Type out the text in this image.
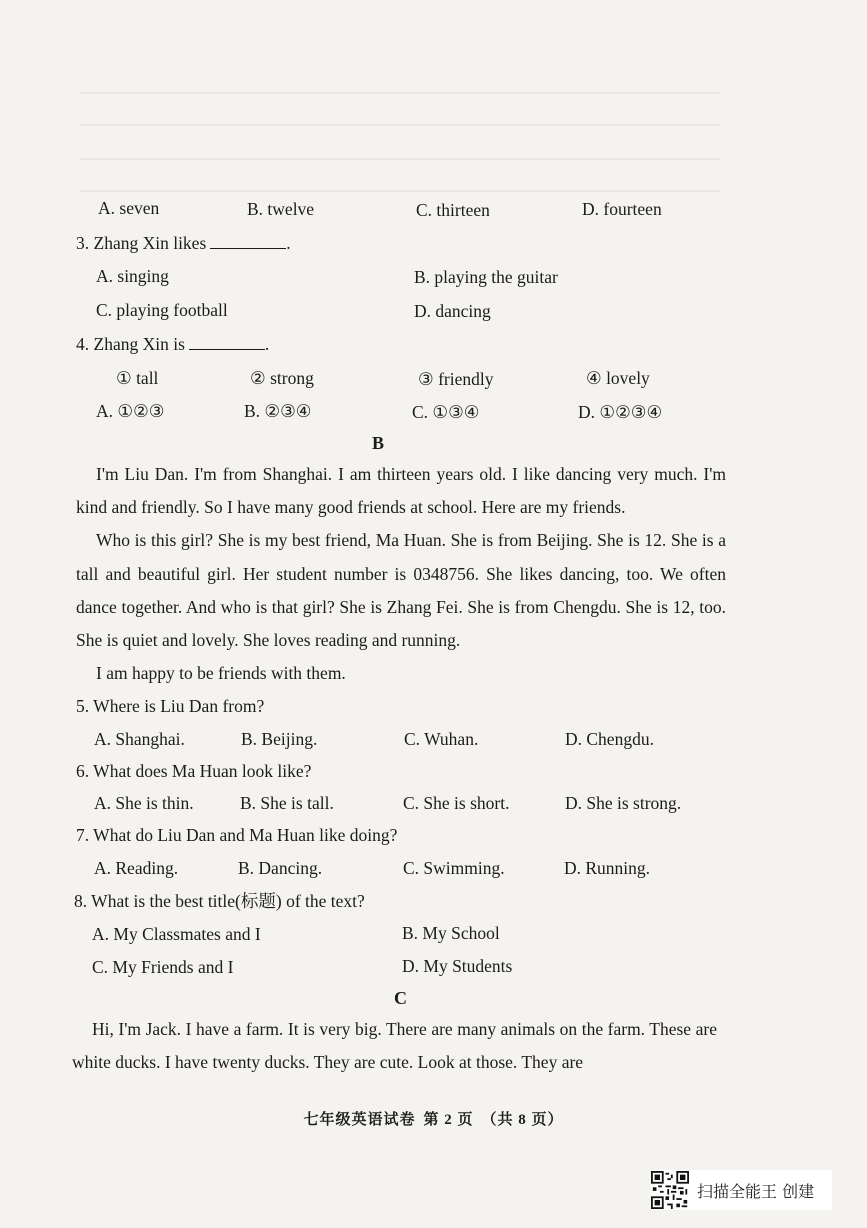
A. seven	B. twelve	C. thirteen	D. fourteen
3. Zhang Xin likes	.
A. singing	B. playing the guitar
C. playing football	D. dancing
4. Zhang Xin is	.
① tall	② strong	③ friendly	④ lovely
A. ①②③	B. ②③④	C. ①③④	D. ①②③④
B

I'm Liu Dan. I'm from Shanghai. I am thirteen years old. I like dancing very much. I'm kind and friendly. So I have many good friends at school. Here are my friends.

Who is this girl? She is my best friend, Ma Huan. She is from Beijing. She is 12. She is a tall and beautiful girl. Her student number is 0348756. She likes dancing, too. We often dance together. And who is that girl? She is Zhang Fei. She is from Chengdu. She is 12, too. She is quiet and lovely. She loves reading and running.

I am happy to be friends with them.

5. Where is Liu Dan from?
A. Shanghai.	B. Beijing.	C. Wuhan.	D. Chengdu.
6. What does Ma Huan look like?
A. She is thin.	B. She is tall.	C. She is short.	D. She is strong.
7. What do Liu Dan and Ma Huan like doing?
A. Reading.	B. Dancing.	C. Swimming.	D. Running.
8. What is the best title(标题) of the text?
A. My Classmates and I	B. My School
C. My Friends and I	D. My Students
C

Hi, I'm Jack. I have a farm. It is very big. There are many animals on the farm. These are white ducks. I have twenty ducks. They are cute. Look at those. They are

七年级英语试卷 第 2 页 （共 8 页）
扫描全能王 创建
